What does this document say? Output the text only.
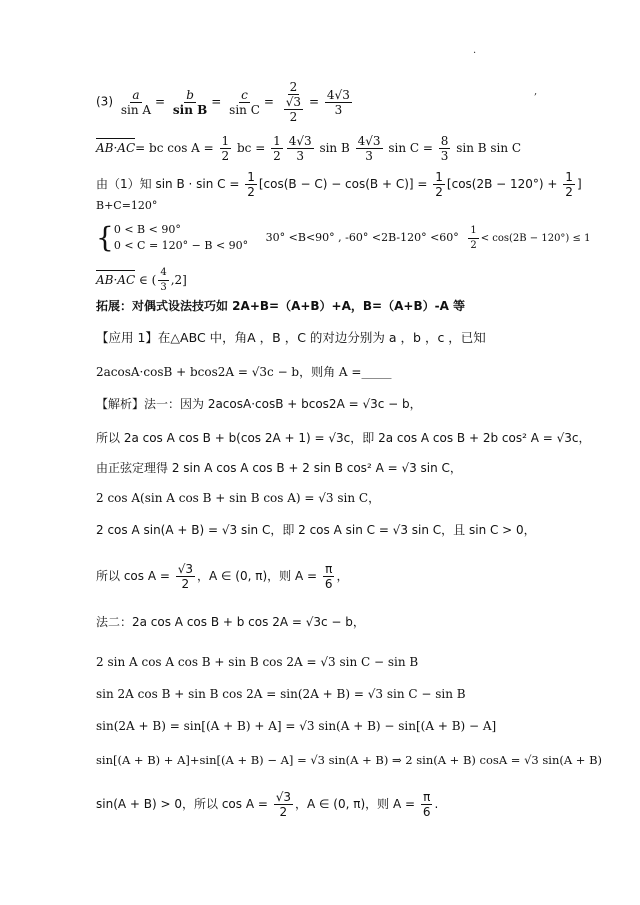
·
,
$(3) \frac{a}{\text{sin A}} = \frac{b}{\text{sin B}} = \frac{c}{\text{sin C}} = \frac{2}{\frac{√3}{2}} = \frac{4√3}{3}$
AB·AC= bc $\cos A = \frac{1}{2}$ bc = $\frac{1}{2} \frac{4√3}{3}$ sin B $\frac{4√3}{3}$ $\sin C = \frac{8}{3}$ sin B sin C
由（1）知 $\sin B \cdot \sin C = \frac{1}{2} [\cos(B - C) - \cos(B + C)] = \frac{1}{2} [\cos(2B - 120^\circ) + \frac{1}{2}$ ]
B+C=120°
{ 0 < B < 90°
0 < C = 120° − B < 90°
30° <B<90° , $-60^\circ <2B-120^\circ <60^\circ \frac{1}{2} < \cos(2B - 120^\circ) \le 1$
AB·AC ∈ ( $\frac{4}{3} ,2$]
拓展：对偶式设法技巧如 2A+B=（A+B）+A，B=（A+B）-A 等
【应用 1】在△ABC 中，角A ，B ，C 的对边分别为 a ，b ，c ，已知
2acosA·cosB + bcos2A = √3c − b，则角 A =_____
【解析】法一：因为 2acosA·cosB + bcos2A = √3c − b，
所以 2a cos A cos B + b(cos 2A + 1) = √3c，即 2a cos A cos B + 2b cos² A = √3c，
由正弦定理得 2 sin A cos A cos B + 2 sin B cos² A = √3 sin C，
2 cos A(sin A cos B + sin B cos A) = √3 sin C，
2 cos A sin(A + B) = √3 sin C，即 2 cos A sin C = √3 sin C，且 sin C > 0，
所以 $\cos A = \frac{√3}{2}$ ，A ∈ (0, π)，则 $A = \frac{\pi}{6}$ ，
法二：2a cos A cos B + b cos 2A = √3c − b，
2 sin A cos A cos B + sin B cos 2A = √3 sin C − sin B
sin 2A cos B + sin B cos 2A = sin(2A + B) = √3 sin C − sin B
sin(2A + B) = sin[(A + B) + A] = √3 sin(A + B) − sin[(A + B) − A]
sin[(A + B) + A]+sin[(A + B) − A] = √3 sin(A + B) ⇒ 2 sin(A + B) cosA = √3 sin(A + B)
sin(A + B) > 0，所以 $\cos A = \frac{√3}{2}$ ，A ∈ (0, π)，则 $A = \frac{\pi}{6}$ .
